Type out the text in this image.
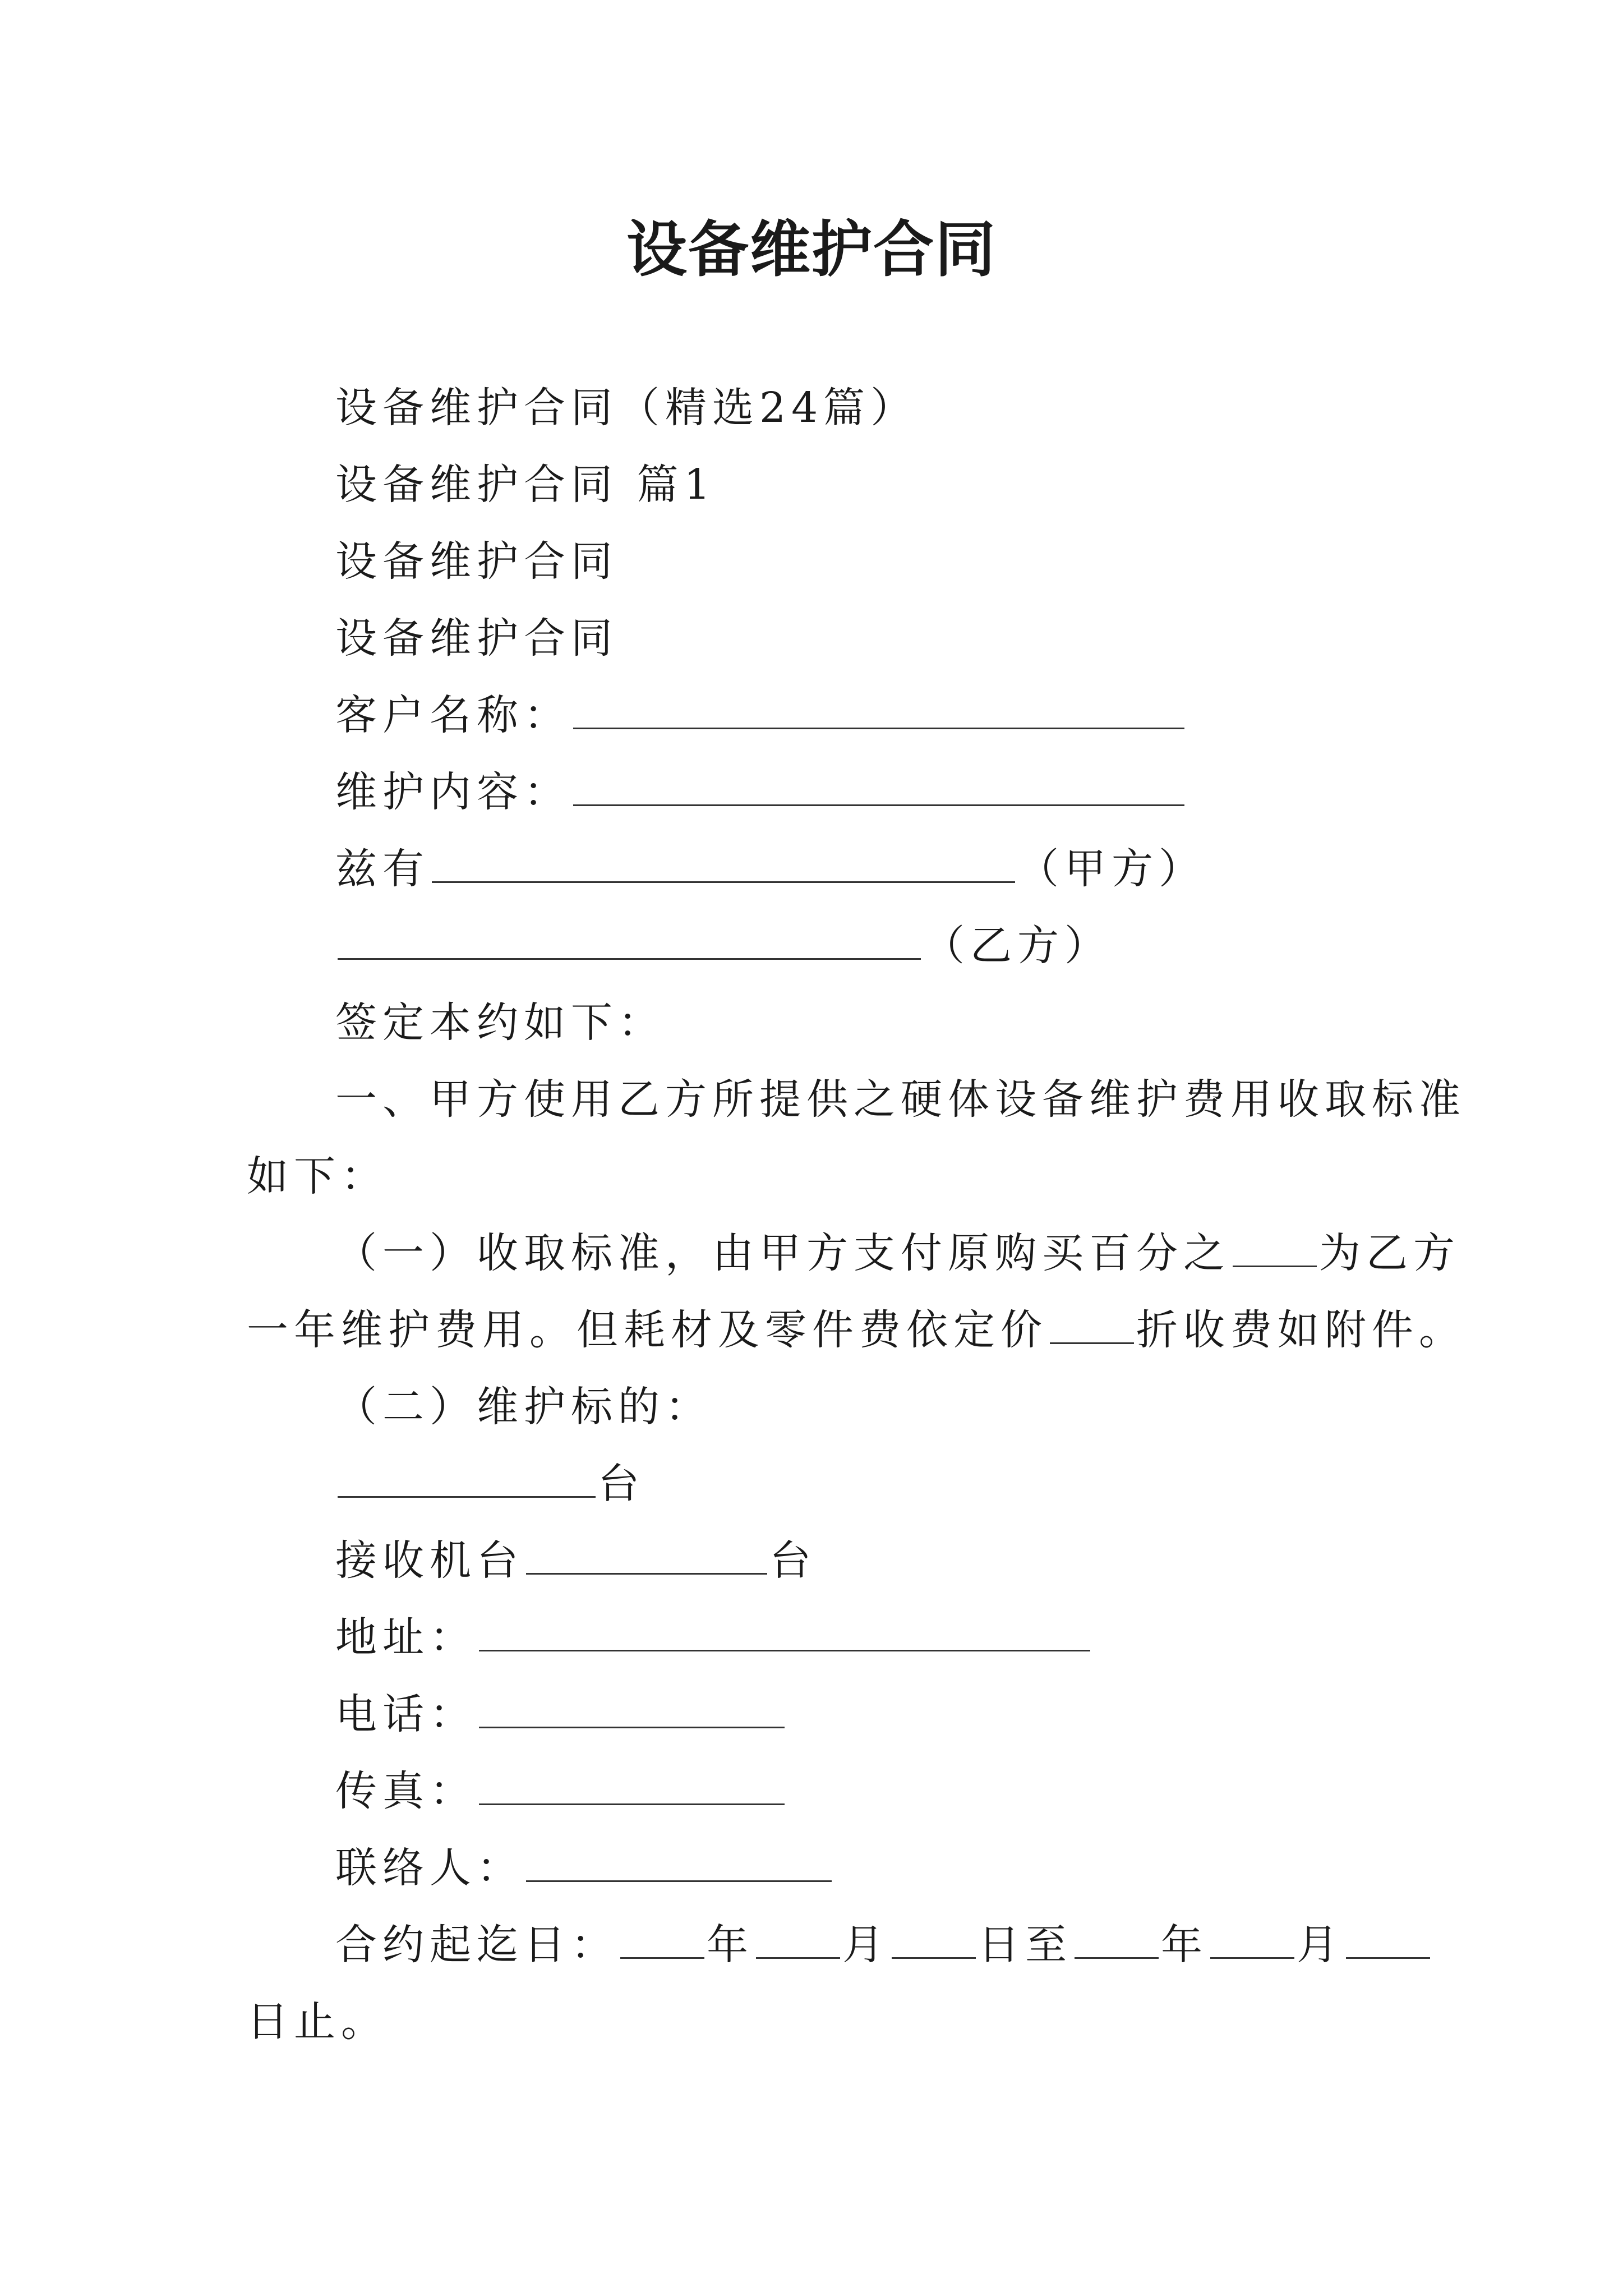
设备维护合同
设备维护合同（精选24篇）
设备维护合同 篇1
设备维护合同
设备维护合同
客户名称：
维护内容：
兹有	（甲方）
（乙方）
签定本约如下：
一、甲方使用乙方所提供之硬体设备维护费用收取标准
如下：
（一）收取标准，由甲方支付原购买百分之 为乙方
一年维护费用。但耗材及零件费依定价 折收费如附件。
（二）维护标的：
台
接收机台	台
地址：
电话：
传真：
联络人：
合约起迄日： 年 月 日至 年 月
日止。
